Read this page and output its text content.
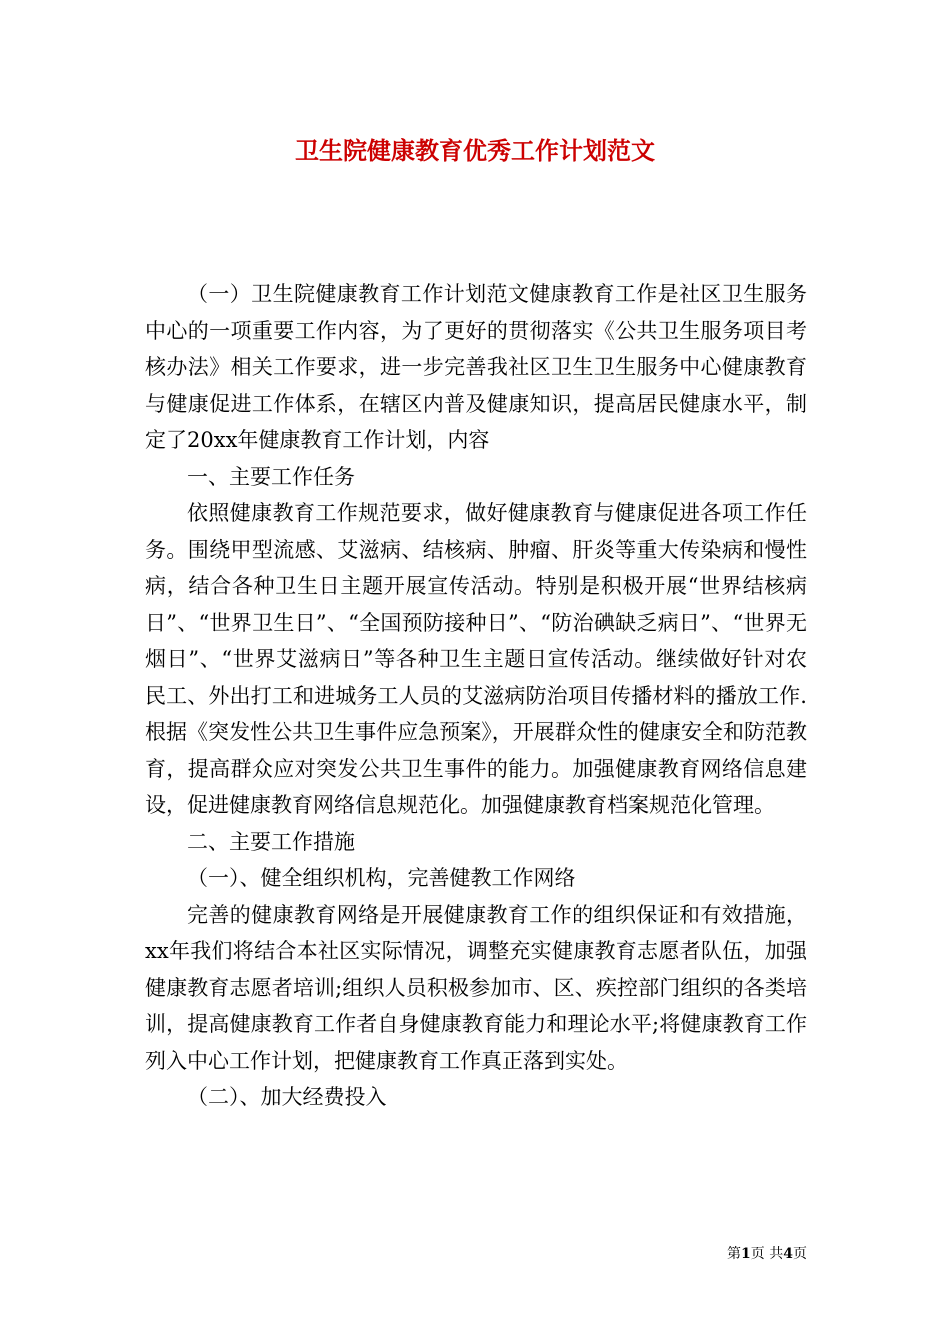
卫生院健康教育优秀工作计划范文

（一）卫生院健康教育工作计划范文健康教育工作是社区卫生服务中心的一项重要工作内容，为了更好的贯彻落实《公共卫生服务项目考核办法》相关工作要求，进一步完善我社区卫生卫生服务中心健康教育与健康促进工作体系，在辖区内普及健康知识，提高居民健康水平，制定了20xx年健康教育工作计划，内容

一、主要工作任务

依照健康教育工作规范要求，做好健康教育与健康促进各项工作任务。围绕甲型流感、艾滋病、结核病、肿瘤、肝炎等重大传染病和慢性病，结合各种卫生日主题开展宣传活动。特别是积极开展“世界结核病日”、“世界卫生日”、“全国预防接种日”、“防治碘缺乏病日”、“世界无烟日”、“世界艾滋病日”等各种卫生主题日宣传活动。继续做好针对农民工、外出打工和进城务工人员的艾滋病防治项目传播材料的播放工作.根据《突发性公共卫生事件应急预案》，开展群众性的健康安全和防范教育，提高群众应对突发公共卫生事件的能力。加强健康教育网络信息建设，促进健康教育网络信息规范化。加强健康教育档案规范化管理。

二、主要工作措施

（一）、健全组织机构，完善健教工作网络

完善的健康教育网络是开展健康教育工作的组织保证和有效措施，xx年我们将结合本社区实际情况，调整充实健康教育志愿者队伍，加强健康教育志愿者培训;组织人员积极参加市、区、疾控部门组织的各类培训，提高健康教育工作者自身健康教育能力和理论水平;将健康教育工作列入中心工作计划，把健康教育工作真正落到实处。

（二）、加大经费投入

第1页 共4页
